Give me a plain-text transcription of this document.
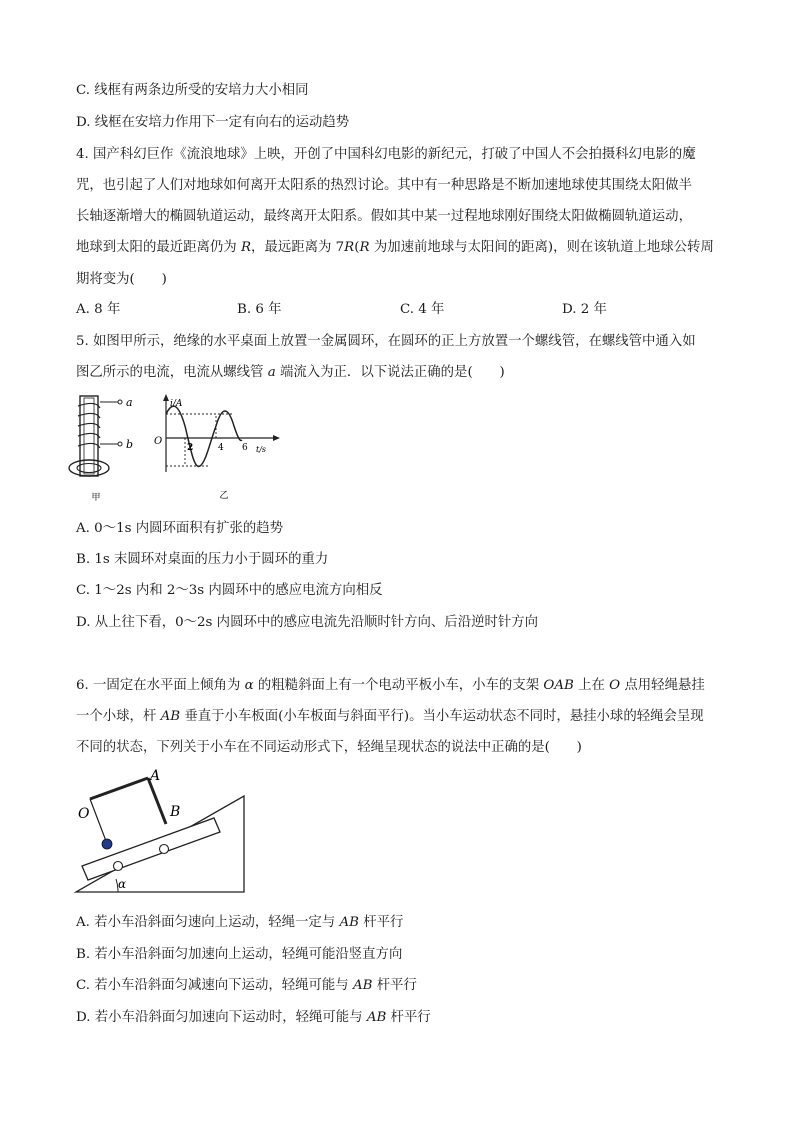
C. 线框有两条边所受的安培力大小相同
D. 线框在安培力作用下一定有向右的运动趋势
4. 国产科幻巨作《流浪地球》上映，开创了中国科幻电影的新纪元，打破了中国人不会拍摄科幻电影的魔
咒，也引起了人们对地球如何离开太阳系的热烈讨论。其中有一种思路是不断加速地球使其围绕太阳做半
长轴逐渐增大的椭圆轨道运动，最终离开太阳系。假如其中某一过程地球刚好围绕太阳做椭圆轨道运动，
地球到太阳的最近距离仍为 R，最远距离为 7R(R 为加速前地球与太阳间的距离)，则在该轨道上地球公转周
期将变为(　　)
A. 8 年	B. 6 年	C. 4 年	D. 2 年
5. 如图甲所示，绝缘的水平桌面上放置一金属圆环，在圆环的正上方放置一个螺线管，在螺线管中通入如
图乙所示的电流，电流从螺线管 a 端流入为正．以下说法正确的是(　　)
a
b
甲
i/A
O
t/s
2	4 6
乙
A. 0～1s 内圆环面积有扩张的趋势
B. 1s 末圆环对桌面的压力小于圆环的重力
C. 1～2s 内和 2～3s 内圆环中的感应电流方向相反
D. 从上往下看，0～2s 内圆环中的感应电流先沿顺时针方向、后沿逆时针方向
6. 一固定在水平面上倾角为 α 的粗糙斜面上有一个电动平板小车，小车的支架 OAB 上在 O 点用轻绳悬挂
一个小球，杆 AB 垂直于小车板面(小车板面与斜面平行)。当小车运动状态不同时，悬挂小球的轻绳会呈现
不同的状态，下列关于小车在不同运动形式下，轻绳呈现状态的说法中正确的是(　　)
A
B
O
α
A. 若小车沿斜面匀速向上运动，轻绳一定与 AB 杆平行
B. 若小车沿斜面匀加速向上运动，轻绳可能沿竖直方向
C. 若小车沿斜面匀减速向下运动，轻绳可能与 AB 杆平行
D. 若小车沿斜面匀加速向下运动时，轻绳可能与 AB 杆平行
